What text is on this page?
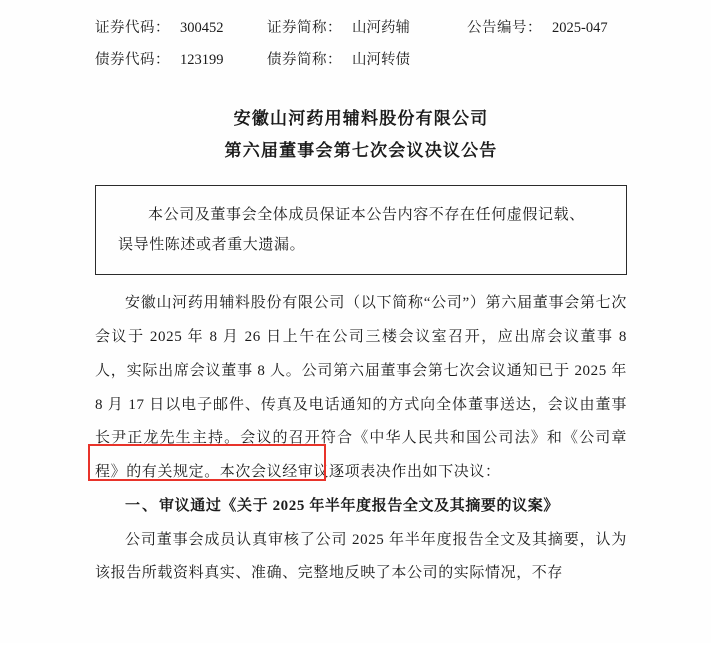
证券代码： 300452	证券简称： 山河药辅	公告编号： 2025-047
债券代码： 123199	债券简称： 山河转债	
安徽山河药用辅料股份有限公司
第六届董事会第七次会议决议公告

本公司及董事会全体成员保证本公告内容不存在任何虚假记载、

误导性陈述或者重大遗漏。

安徽山河药用辅料股份有限公司（以下简称“公司”）第六届董事会第七次会议于 2025 年 8 月 26 日上午在公司三楼会议室召开，应出席会议董事 8 人，实际出席会议董事 8 人。公司第六届董事会第七次会议通知已于 2025 年 8 月 17 日以电子邮件、传真及电话通知的方式向全体董事送达，会议由董事长尹正龙先生主持。会议的召开符合《中华人民共和国公司法》和《公司章程》的有关规定。本次会议经审议逐项表决作出如下决议：

一、审议通过《关于 2025 年半年度报告全文及其摘要的议案》

公司董事会成员认真审核了公司 2025 年半年度报告全文及其摘要，认为该报告所载资料真实、准确、完整地反映了本公司的实际情况，不存
